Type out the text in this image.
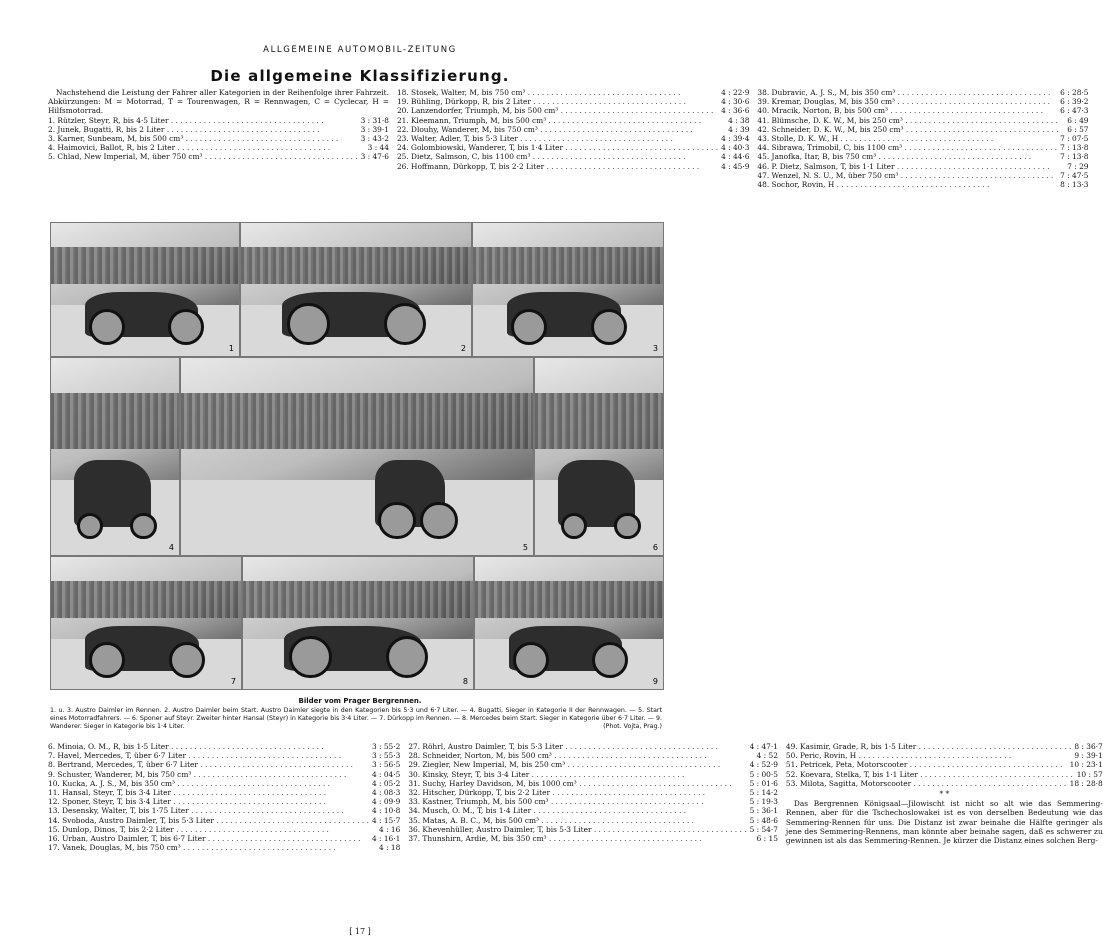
ALLGEMEINE AUTOMOBIL-ZEITUNG
Die allgemeine Klassifizierung.

Nachstehend die Leistung der Fahrer aller Kategorien in der Reihenfolge ihrer Fahrzeit. Abkürzungen: M = Motorrad, T = Tourenwagen, R = Rennwagen, C = Cyclecar, H = Hilfsmotorrad.

1. Rützler, Steyr, R, bis 4·5 Liter . . .	3 : 31·8
2. Junek, Bugatti, R, bis 2 Liter . . .	3 : 39·1
3. Karner, Sunbeam, M, bis 500 cm³ . . .	3 : 43·2
4. Haimovici, Ballot, R, bis 2 Liter . . .	3 : 44
5. Chlad, New Imperial, M, über 750 cm³ . . .	3 : 47·6
18. Stosek, Walter, M, bis 750 cm³ . . .	4 : 22·9
19. Bühling, Dürkopp, R, bis 2 Liter . . .	4 : 30·6
20. Lanzendorfer, Triumph, M, bis 500 cm³ . . .	4 : 36·6
21. Kleemann, Triumph, M, bis 500 cm³ . . .	4 : 38
22. Dlouhy, Wanderer, M, bis 750 cm³ . . .	4 : 39
23. Walter, Adler, T, bis 5·3 Liter . . .	4 : 39·4
24. Golombiowski, Wanderer, T, bis 1·4 Liter . . .	4 : 40·3
25. Dietz, Salmson, C, bis 1100 cm³ . . .	4 : 44·6
26. Hoffmann, Dürkopp, T, bis 2·2 Liter . . .	4 : 45·9
38. Dubravic, A. J. S., M, bis 350 cm³ . . .	6 : 28·5
39. Kremar, Douglas, M, bis 350 cm³ . . .	6 : 39·2
40. Mracik, Norton, B, bis 500 cm³ . . .	6 : 47·3
41. Blümsche, D. K. W., M, bis 250 cm³ . . .	6 : 49
42. Schneider, D. K. W., M, bis 250 cm³ . . .	6 : 57
43. Stolle, D. K. W., H . . .	7 : 07·5
44. Sibrawa, Trimobil, C, bis 1100 cm³ . . .	7 : 13·8
45. Janofka, Itar, B, bis 750 cm³ . . .	7 : 13·8
46. P. Dietz, Salmson, T, bis 1·1 Liter . . .	7 : 29
47. Wenzel, N. S. U., M, über 750 cm³ . . .	7 : 47·5
48. Sochor, Rovin, H . . .	8 : 13·3
1	2	3
4	5	6
7	8	9
Bilder vom Prager Bergrennen.
1. u. 3. Austro Daimler im Rennen. 2. Austro Daimler beim Start. Austro Daimler siegte in den Kategorien bis 5·3 und 6·7 Liter. — 4. Bugatti, Sieger in Kategorie II der Rennwagen. — 5. Start eines Motorradfahrers. — 6. Sponer auf Steyr. Zweiter hinter Hansal (Steyr) in Kategorie bis 3·4 Liter. — 7. Dürkopp im Rennen. — 8. Mercedes beim Start. Sieger in Kategorie über 6·7 Liter. — 9. Wanderer. Sieger in Kategorie bis 1·4 Liter.	(Phot. Vojta, Prag.)
6. Minoia, O. M., R, bis 1·5 Liter . . .	3 : 55·2
7. Havel, Mercedes, T, über 6·7 Liter . . .	3 : 55·3
8. Bertrand, Mercedes, T, über 6·7 Liter . . .	3 : 56·5
9. Schuster, Wanderer, M, bis 750 cm³ . . .	4 : 04·5
10. Kucka, A. J. S., M, bis 350 cm³ . . .	4 : 05·2
11. Hansal, Steyr, T, bis 3·4 Liter . . .	4 : 08·3
12. Sponer, Steyr, T, bis 3·4 Liter . . .	4 : 09·9
13. Desensky, Walter, T, bis 1·75 Liter . . .	4 : 10·8
14. Svoboda, Austro Daimler, T, bis 5·3 Liter . . .	4 : 15·7
15. Dunlop, Dinos, T, bis 2·2 Liter . . .	4 : 16
16. Urban, Austro Daimler, T, bis 6·7 Liter . . .	4 : 16·1
17. Vanek, Douglas, M, bis 750 cm³ . . .	4 : 18
27. Röhrl, Austro Daimler, T, bis 5·3 Liter . . .	4 : 47·1
28. Schneider, Norton, M, bis 500 cm³ . . .	4 : 52
29. Ziegler, New Imperial, M, bis 250 cm³ . . .	4 : 52·9
30. Kinsky, Steyr, T, bis 3·4 Liter . . .	5 : 00·5
31. Suchy, Harley Davidson, M, bis 1000 cm³ . . .	5 : 01·6
32. Hitscher, Dürkopp, T, bis 2·2 Liter . . .	5 : 14·2
33. Kastner, Triumph, M, bis 500 cm³ . . .	5 : 19·3
34. Musch, O. M., T, bis 1·4 Liter . . .	5 : 36·1
35. Matas, A. B. C., M, bis 500 cm³ . . .	5 : 48·6
36. Khevenhüller, Austro Daimler, T, bis 5·3 Liter . . .	5 : 54·7
37. Thunshirn, Ardie, M, bis 350 cm³ . . .	6 : 15
49. Kasimir, Grade, R, bis 1·5 Liter . . .	8 : 36·7
50. Peric, Rovin, H . . .	9 : 39·1
51. Petricek, Peta, Motorscooter . . .	10 : 23·1
52. Koevara, Stelka, T, bis 1·1 Liter . . .	10 : 57
53. Milota, Sagitta, Motorscooter . . .	18 : 28·8
* *

Das Bergrennen Königsaal—Jilowischt ist nicht so alt wie das Semmering-Rennen, aber für die Tschechoslowakei ist es von derselben Bedeutung wie das Semmering-Rennen für uns. Die Distanz ist zwar beinahe die Hälfte geringer als jene des Semmering-Rennens, man könnte aber beinahe sagen, daß es schwerer zu gewinnen ist als das Semmering-Rennen. Je kürzer die Distanz eines solchen Berg-

[ 17 ]
